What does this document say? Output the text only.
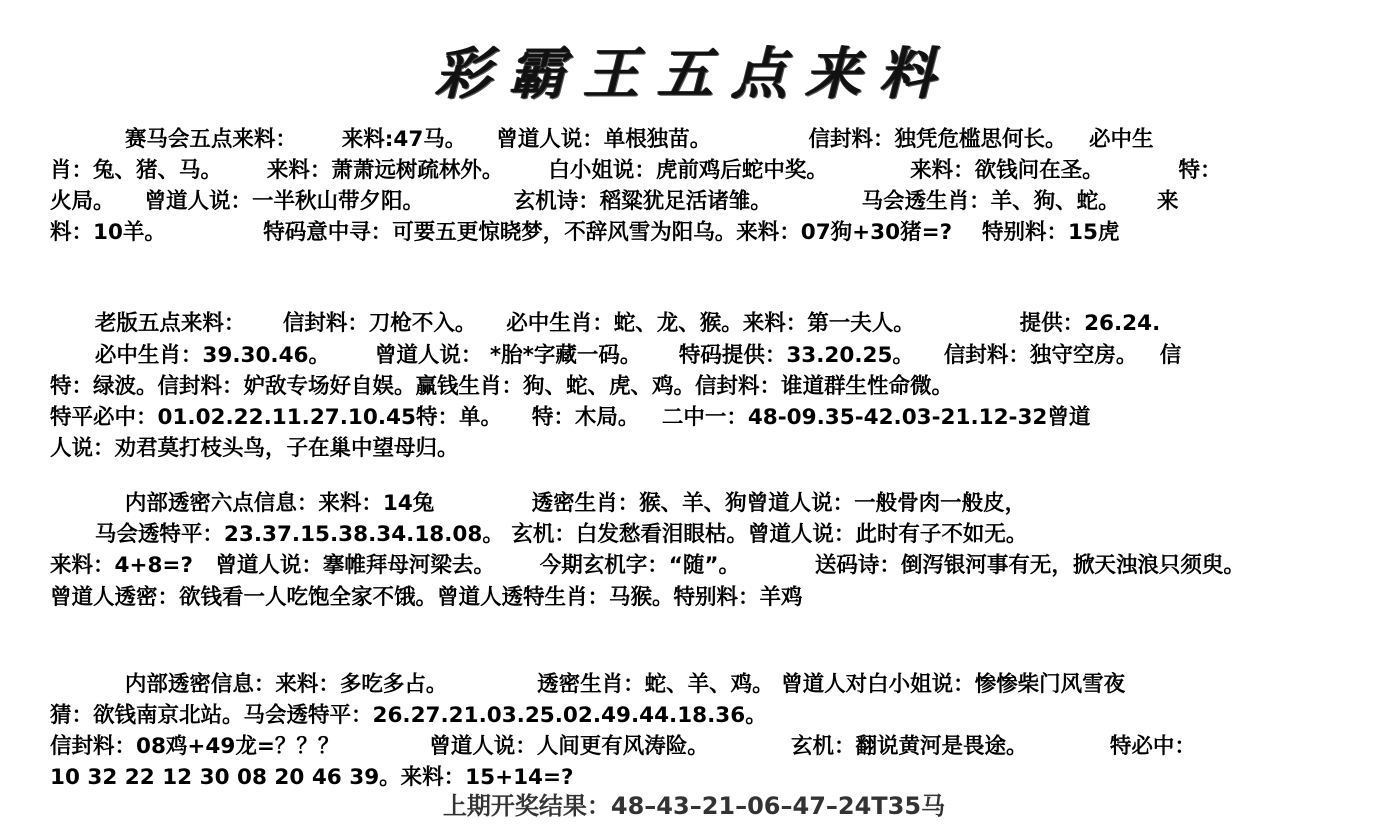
彩霸王五点来料
赛马会五点来料：      来料:47马。    曾道人说：单根独苗。             信封料：独凭危槛思何长。   必中生
肖：兔、猪、马。      来料：萧萧远树疏林外。      白小姐说：虎前鸡后蛇中奖。           来料：欲钱问在圣。          特：
火局。    曾道人说：一半秋山带夕阳。            玄机诗：稻粱犹足活诸雏。            马会透生肖：羊、狗、蛇。     来
料：10羊。             特码意中寻：可要五更惊晓梦，不辞风雪为阳乌。来料：07狗+30猪=?    特别料：15虎
老版五点来料：     信封料：刀枪不入。    必中生肖：蛇、龙、猴。来料：第一夫人。              提供：26.24.
必中生肖：39.30.46。      曾道人说： *胎*字藏一码。     特码提供：33.20.25。    信封料：独守空房。   信
特：绿波。信封料：妒敌专场好自娱。赢钱生肖：狗、蛇、虎、鸡。信封料：谁道群生性命微。
特平必中：01.02.22.11.27.10.45特：单。    特：木局。   二中一：48-09.35-42.03-21.12-32曾道
人说：劝君莫打枝头鸟，子在巢中望母归。
内部透密六点信息：来料：14兔             透密生肖：猴、羊、狗曾道人说：一般骨肉一般皮，
马会透特平：23.37.15.38.34.18.08。 玄机：白发愁看泪眼枯。曾道人说：此时有子不如无。
来料：4+8=?   曾道人说：搴帷拜母河梁去。      今期玄机字：“随”。          送码诗：倒泻银河事有无，掀天浊浪只须臾。
曾道人透密：欲钱看一人吃饱全家不饿。曾道人透特生肖：马猴。特别料：羊鸡
内部透密信息：来料：多吃多占。            透密生肖：蛇、羊、鸡。 曾道人对白小姐说：惨惨柴门风雪夜
猜：欲钱南京北站。马会透特平：26.27.21.03.25.02.49.44.18.36。
信封料：08鸡+49龙=？？？            曾道人说：人间更有风涛险。           玄机：翻说黄河是畏途。           特必中：
10 32 22 12 30 08 20 46 39。来料：15+14=?
上期开奖结果：48–43–21–06–47–24T35马
